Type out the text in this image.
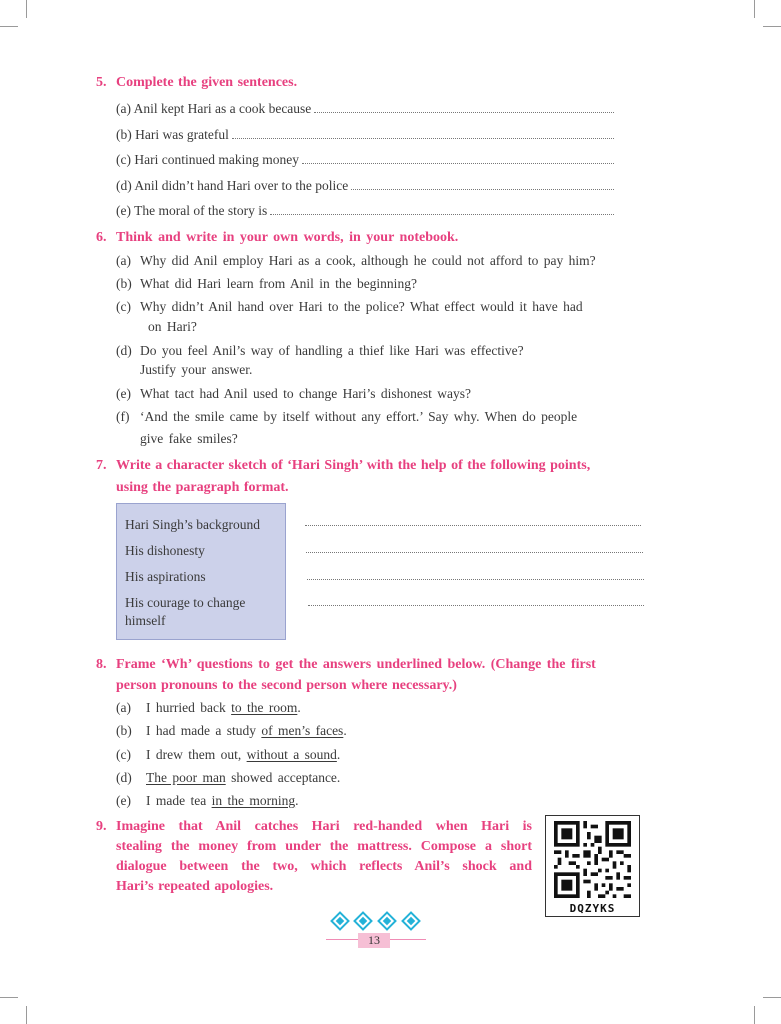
5. Complete the given sentences.
(a) Anil kept Hari as a cook because
(b) Hari was grateful
(c) Hari continued making money
(d) Anil didn’t hand Hari over to the police
(e) The moral of the story is
6. Think and write in your own words, in your notebook.
(a) Why did Anil employ Hari as a cook, although he could not afford to pay him?
(b) What did Hari learn from Anil in the beginning?
(c) Why didn’t Anil hand over Hari to the police? What effect would it have had
on Hari?
(d) Do you feel Anil’s way of handling a thief like Hari was effective?
Justify your answer.
(e) What tact had Anil used to change Hari’s dishonest ways?
(f) ‘And the smile came by itself without any effort.’ Say why. When do people
give fake smiles?
7. Write a character sketch of ‘Hari Singh’ with the help of the following points,
using the paragraph format.
Hari Singh’s background
His dishonesty
His aspirations
His courage to change
himself
8. Frame ‘Wh’ questions to get the answers underlined below. (Change the first
person pronouns to the second person where necessary.)
(a) I hurried back to the room.
(b) I had made a study of men’s faces.
(c) I drew them out, without a sound.
(d) The poor man showed acceptance.
(e) I made tea in the morning.
9. Imagine that Anil catches Hari red-handed when Hari is
stealing the money from under the mattress. Compose a short
dialogue between the two, which reflects Anil’s shock and
Hari’s repeated apologies.
DQZYKS
13
